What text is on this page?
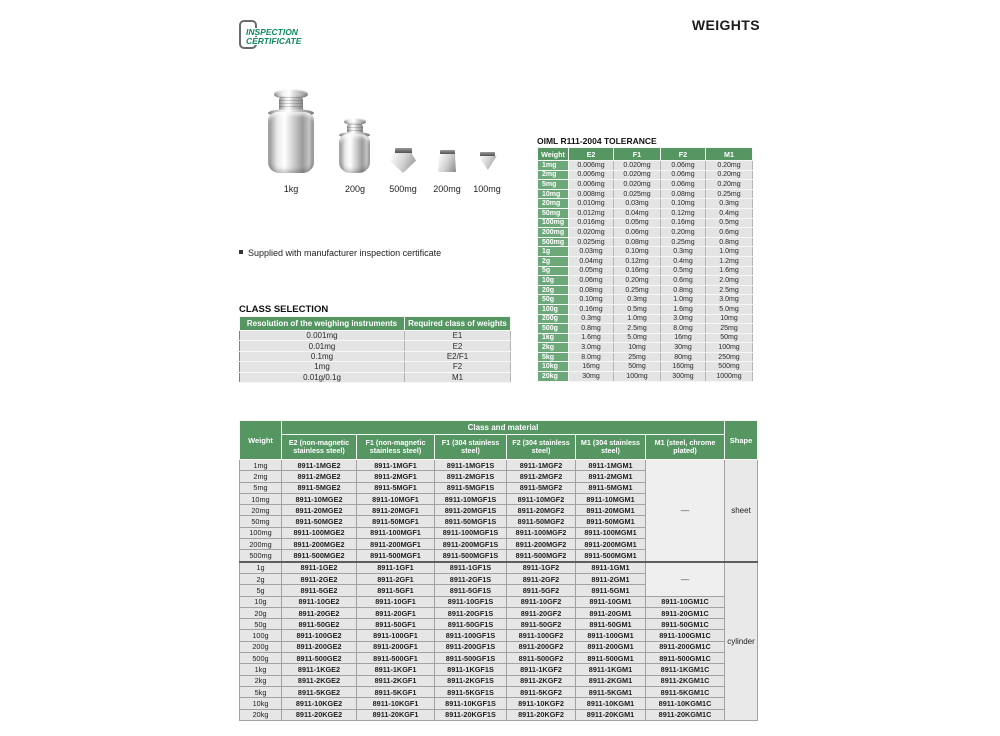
WEIGHTS
INSPECTION
CERTIFICATE
1kg	200g	500mg	200mg	100mg
Supplied with manufacturer inspection certificate
OIML R111-2004 TOLERANCE
Weight	E2	F1	F2	M1
1mg	0.006mg	0.020mg	0.06mg	0.20mg
2mg	0.006mg	0.020mg	0.06mg	0.20mg
5mg	0.006mg	0.020mg	0.06mg	0.20mg
10mg	0.008mg	0.025mg	0.08mg	0.25mg
20mg	0.010mg	0.03mg	0.10mg	0.3mg
50mg	0.012mg	0.04mg	0.12mg	0.4mg
100mg	0.016mg	0.05mg	0.16mg	0.5mg
200mg	0.020mg	0.06mg	0.20mg	0.6mg
500mg	0.025mg	0.08mg	0.25mg	0.8mg
1g	0.03mg	0.10mg	0.3mg	1.0mg
2g	0.04mg	0.12mg	0.4mg	1.2mg
5g	0.05mg	0.16mg	0.5mg	1.6mg
10g	0.06mg	0.20mg	0.6mg	2.0mg
20g	0.08mg	0.25mg	0.8mg	2.5mg
50g	0.10mg	0.3mg	1.0mg	3.0mg
100g	0.16mg	0.5mg	1.6mg	5.0mg
200g	0.3mg	1.0mg	3.0mg	10mg
500g	0.8mg	2.5mg	8.0mg	25mg
1kg	1.6mg	5.0mg	16mg	50mg
2kg	3.0mg	10mg	30mg	100mg
5kg	8.0mg	25mg	80mg	250mg
10kg	16mg	50mg	160mg	500mg
20kg	30mg	100mg	300mg	1000mg
CLASS SELECTION
Resolution of the weighing instruments	Required class of weights
0.001mg	E1
0.01mg	E2
0.1mg	E2/F1
1mg	F2
0.01g/0.1g	M1
Weight	Class and material						Shape
	E2 (non-magnetic stainless steel)	F1 (non-magnetic stainless steel)	F1 (304 stainless steel)	F2 (304 stainless steel)	M1 (304 stainless steel)	M1 (steel, chrome plated)	
1mg	8911-1MGE2	8911-1MGF1	8911-1MGF1S	8911-1MGF2	8911-1MGM1	—	sheet
2mg	8911-2MGE2	8911-2MGF1	8911-2MGF1S	8911-2MGF2	8911-2MGM1		
5mg	8911-5MGE2	8911-5MGF1	8911-5MGF1S	8911-5MGF2	8911-5MGM1		
10mg	8911-10MGE2	8911-10MGF1	8911-10MGF1S	8911-10MGF2	8911-10MGM1		
20mg	8911-20MGE2	8911-20MGF1	8911-20MGF1S	8911-20MGF2	8911-20MGM1		
50mg	8911-50MGE2	8911-50MGF1	8911-50MGF1S	8911-50MGF2	8911-50MGM1		
100mg	8911-100MGE2	8911-100MGF1	8911-100MGF1S	8911-100MGF2	8911-100MGM1		
200mg	8911-200MGE2	8911-200MGF1	8911-200MGF1S	8911-200MGF2	8911-200MGM1		
500mg	8911-500MGE2	8911-500MGF1	8911-500MGF1S	8911-500MGF2	8911-500MGM1		
1g	8911-1GE2	8911-1GF1	8911-1GF1S	8911-1GF2	8911-1GM1	—	cylinder
2g	8911-2GE2	8911-2GF1	8911-2GF1S	8911-2GF2	8911-2GM1		
5g	8911-5GE2	8911-5GF1	8911-5GF1S	8911-5GF2	8911-5GM1		
10g	8911-10GE2	8911-10GF1	8911-10GF1S	8911-10GF2	8911-10GM1	8911-10GM1C	
20g	8911-20GE2	8911-20GF1	8911-20GF1S	8911-20GF2	8911-20GM1	8911-20GM1C	
50g	8911-50GE2	8911-50GF1	8911-50GF1S	8911-50GF2	8911-50GM1	8911-50GM1C	
100g	8911-100GE2	8911-100GF1	8911-100GF1S	8911-100GF2	8911-100GM1	8911-100GM1C	
200g	8911-200GE2	8911-200GF1	8911-200GF1S	8911-200GF2	8911-200GM1	8911-200GM1C	
500g	8911-500GE2	8911-500GF1	8911-500GF1S	8911-500GF2	8911-500GM1	8911-500GM1C	
1kg	8911-1KGE2	8911-1KGF1	8911-1KGF1S	8911-1KGF2	8911-1KGM1	8911-1KGM1C	
2kg	8911-2KGE2	8911-2KGF1	8911-2KGF1S	8911-2KGF2	8911-2KGM1	8911-2KGM1C	
5kg	8911-5KGE2	8911-5KGF1	8911-5KGF1S	8911-5KGF2	8911-5KGM1	8911-5KGM1C	
10kg	8911-10KGE2	8911-10KGF1	8911-10KGF1S	8911-10KGF2	8911-10KGM1	8911-10KGM1C	
20kg	8911-20KGE2	8911-20KGF1	8911-20KGF1S	8911-20KGF2	8911-20KGM1	8911-20KGM1C	
